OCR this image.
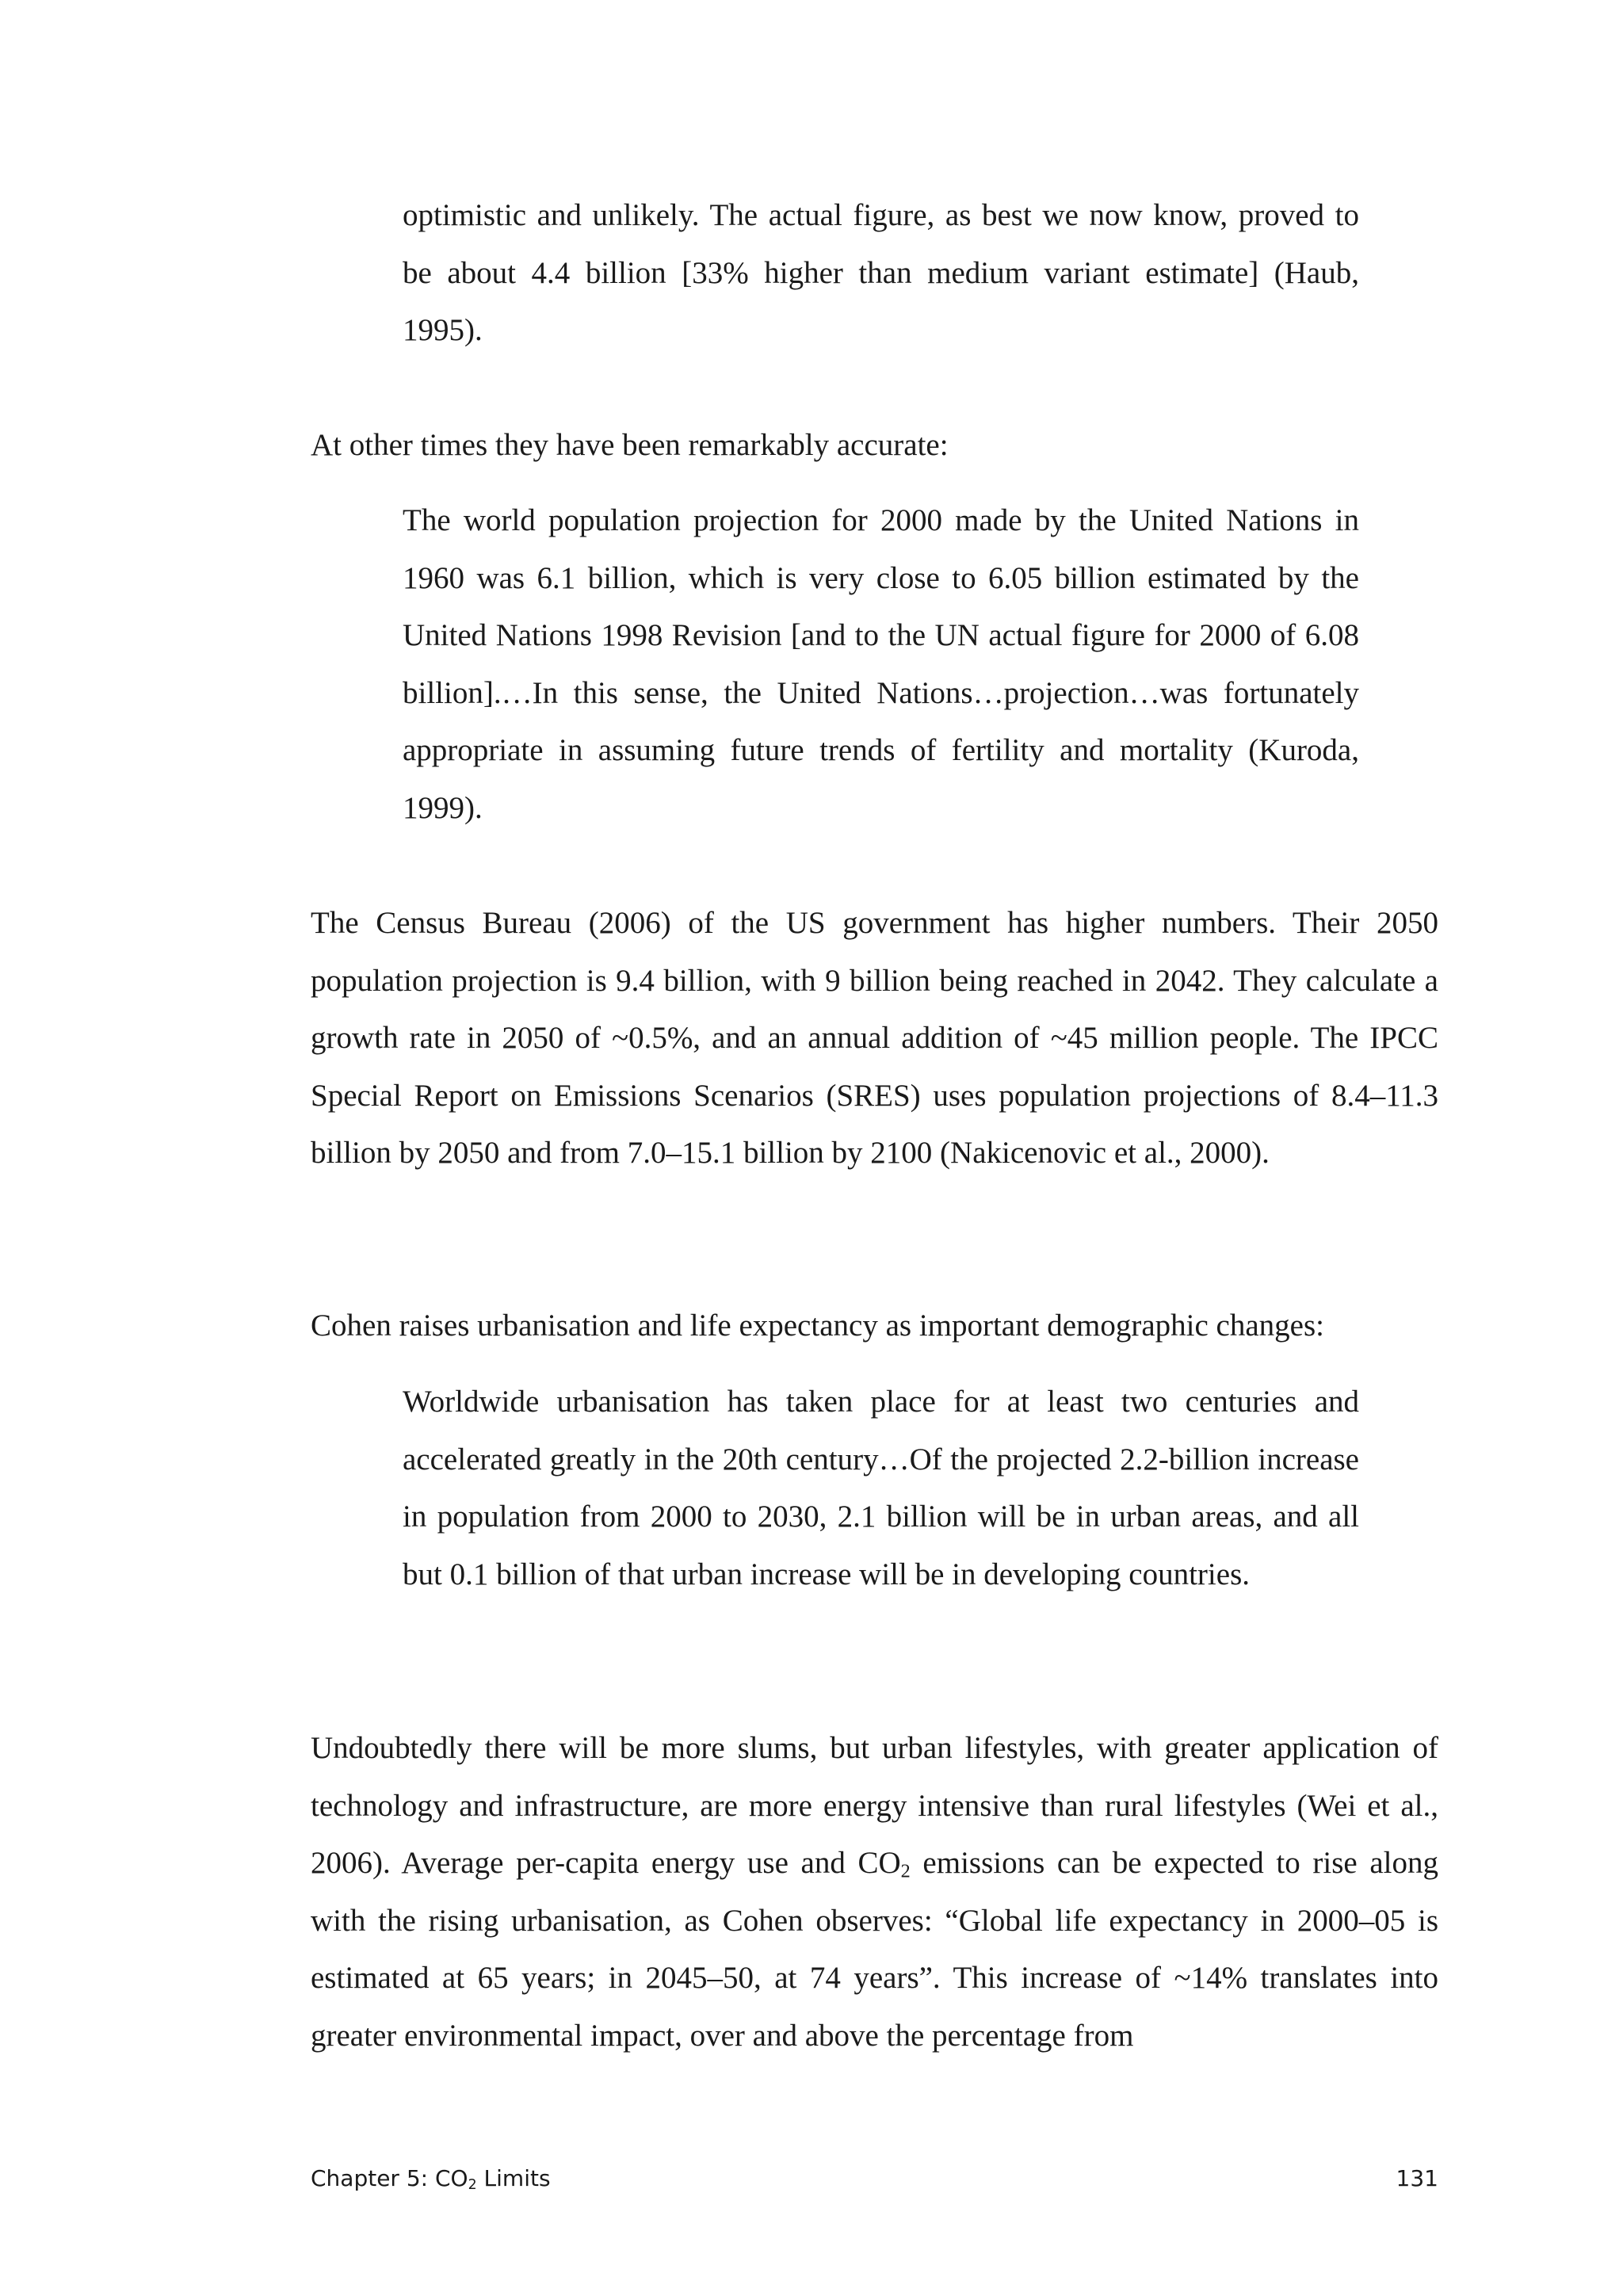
optimistic and unlikely. The actual figure, as best we now know, proved to be about 4.4 billion [33% higher than medium variant estimate] (Haub, 1995).

At other times they have been remarkably accurate:

The world population projection for 2000 made by the United Nations in 1960 was 6.1 billion, which is very close to 6.05 billion estimated by the United Nations 1998 Revision [and to the UN actual figure for 2000 of 6.08 billion].…In this sense, the United Nations…projection…was fortunately appropriate in assuming future trends of fertility and mortality (Kuroda, 1999).

The Census Bureau (2006) of the US government has higher numbers. Their 2050 population projection is 9.4 billion, with 9 billion being reached in 2042. They calculate a growth rate in 2050 of ~0.5%, and an annual addition of ~45 million people. The IPCC Special Report on Emissions Scenarios (SRES) uses population projections of 8.4–11.3 billion by 2050 and from 7.0–15.1 billion by 2100 (Nakicenovic et al., 2000).

Cohen raises urbanisation and life expectancy as important demographic changes:

Worldwide urbanisation has taken place for at least two centuries and accelerated greatly in the 20th century…Of the projected 2.2-billion increase in population from 2000 to 2030, 2.1 billion will be in urban areas, and all but 0.1 billion of that urban increase will be in developing countries.

Undoubtedly there will be more slums, but urban lifestyles, with greater application of technology and infrastructure, are more energy intensive than rural lifestyles (Wei et al., 2006). Average per-capita energy use and $CO_2$ emissions can be expected to rise along with the rising urbanisation, as Cohen observes: “Global life expectancy in 2000–05 is estimated at 65 years; in 2045–50, at 74 years”. This increase of ~14% translates into greater environmental impact, over and above the percentage from

Chapter 5: $CO_2$ Limits	131
